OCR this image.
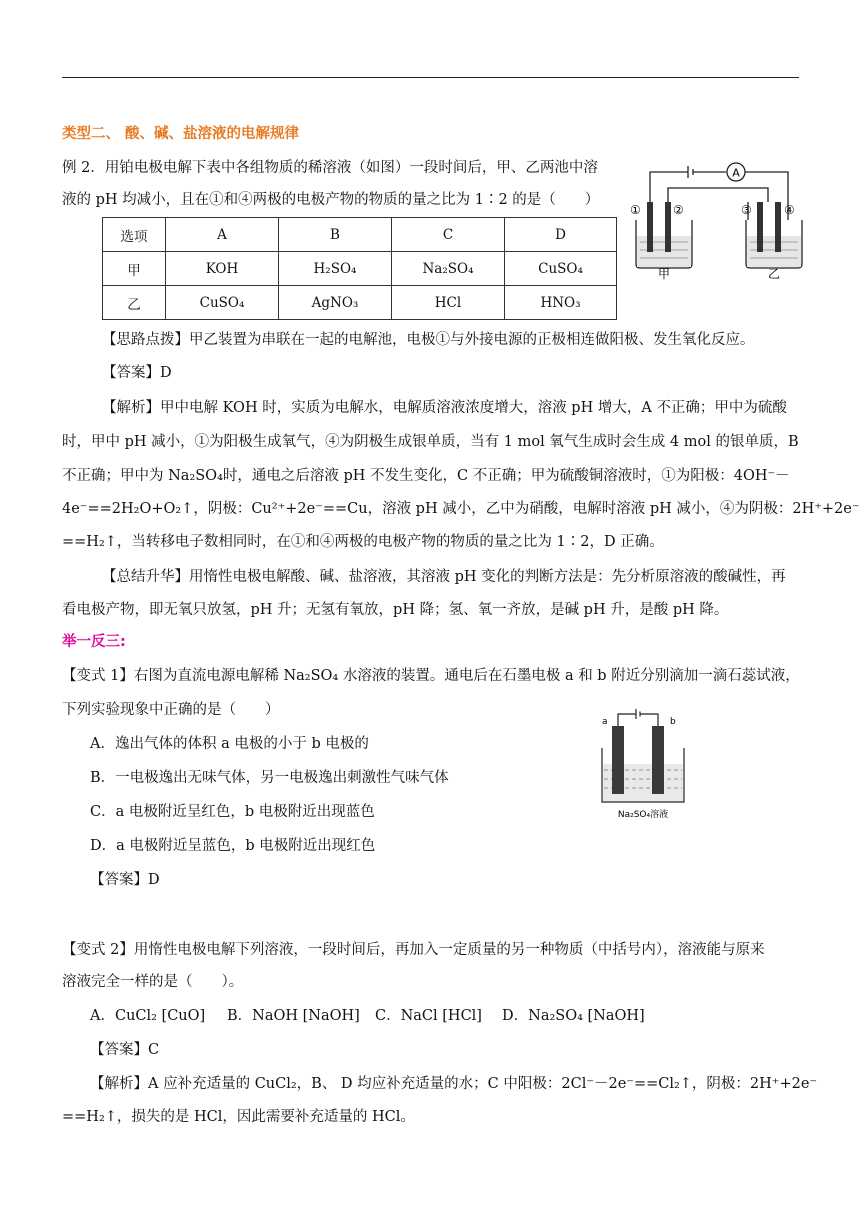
类型二、 酸、碱、盐溶液的电解规律
例 2．用铂电极电解下表中各组物质的稀溶液（如图）一段时间后，甲、乙两池中溶
液的 pH 均减小，且在①和④两极的电极产物的物质的量之比为 1∶2 的是（　　）
选项	A	B	C	D
甲	KOH	H₂SO₄	Na₂SO₄	CuSO₄
乙	CuSO₄	AgNO₃	HCl	HNO₃
A
①	②	③	④
甲	乙
【思路点拨】甲乙装置为串联在一起的电解池，电极①与外接电源的正极相连做阳极、发生氧化反应。
【答案】D
【解析】甲中电解 KOH 时，实质为电解水，电解质溶液浓度增大，溶液 pH 增大，A 不正确；甲中为硫酸
时，甲中 pH 减小，①为阳极生成氧气，④为阴极生成银单质，当有 1 mol 氧气生成时会生成 4 mol 的银单质，B
不正确；甲中为 Na₂SO₄时，通电之后溶液 pH 不发生变化，C 不正确；甲为硫酸铜溶液时，①为阳极：4OH⁻－
4e⁻==2H₂O+O₂↑，阴极：Cu²⁺+2e⁻==Cu，溶液 pH 减小，乙中为硝酸，电解时溶液 pH 减小，④为阴极：2H⁺+2e⁻
==H₂↑，当转移电子数相同时，在①和④两极的电极产物的物质的量之比为 1∶2，D 正确。
【总结升华】用惰性电极电解酸、碱、盐溶液，其溶液 pH 变化的判断方法是：先分析原溶液的酸碱性，再
看电极产物，即无氧只放氢，pH 升；无氢有氧放，pH 降；氢、氧一齐放，是碱 pH 升，是酸 pH 降。
举一反三:
【变式 1】右图为直流电源电解稀 Na₂SO₄ 水溶液的装置。通电后在石墨电极 a 和 b 附近分别滴加一滴石蕊试液，
下列实验现象中正确的是（　　）
A．逸出气体的体积 a 电极的小于 b 电极的
B．一电极逸出无味气体，另一电极逸出刺激性气味气体
C．a 电极附近呈红色，b 电极附近出现蓝色
D．a 电极附近呈蓝色，b 电极附近出现红色
【答案】D
a	b
Na₂SO₄溶液
【变式 2】用惰性电极电解下列溶液，一段时间后，再加入一定质量的另一种物质（中括号内），溶液能与原来
溶液完全一样的是（　　）。
A．CuCl₂ [CuO] B．NaOH [NaOH] C．NaCl [HCl] D．Na₂SO₄ [NaOH]
【答案】C
【解析】A 应补充适量的 CuCl₂，B、 D 均应补充适量的水；C 中阳极：2Cl⁻－2e⁻==Cl₂↑，阴极：2H⁺+2e⁻
==H₂↑，损失的是 HCl，因此需要补充适量的 HCl。
